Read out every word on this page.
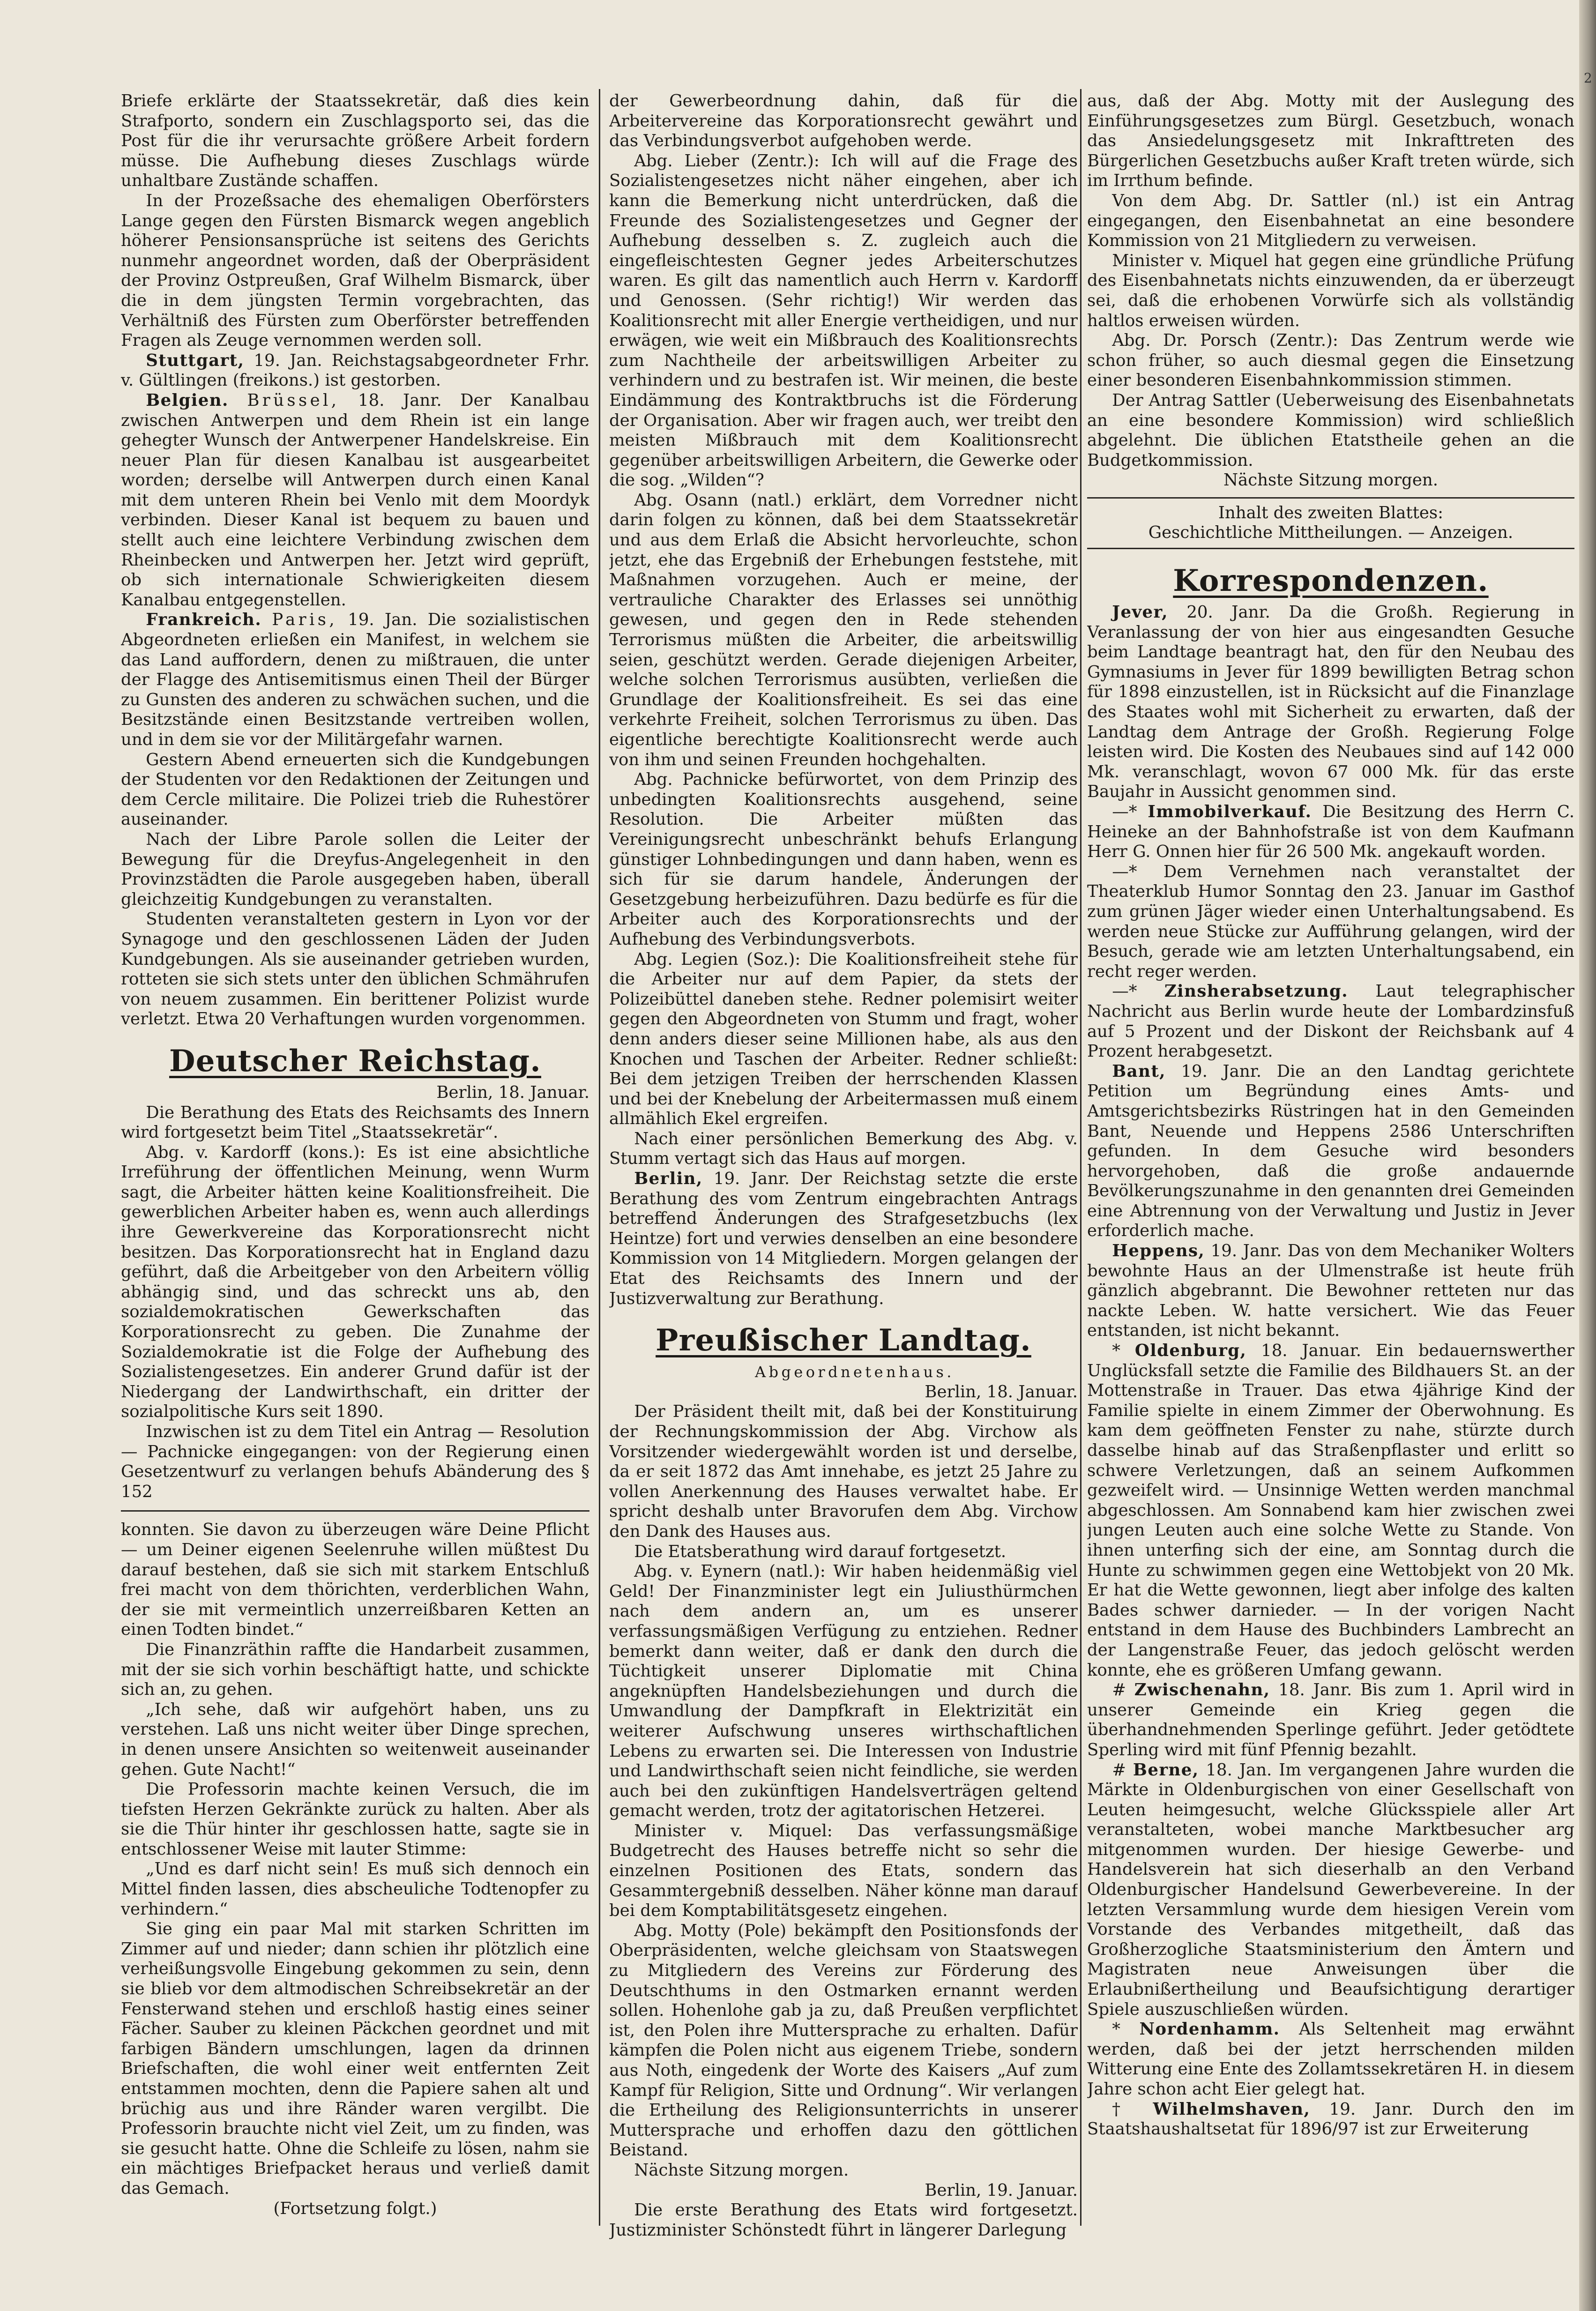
2

Briefe erklärte der Staatssekretär, daß dies kein Strafporto, sondern ein Zuschlagsporto sei, das die Post für die ihr verursachte größere Arbeit fordern müsse. Die Aufhebung dieses Zuschlags würde unhaltbare Zustände schaffen.

In der Prozeßsache des ehemaligen Oberförsters Lange gegen den Fürsten Bismarck wegen angeblich höherer Pensionsansprüche ist seitens des Gerichts nunmehr angeordnet worden, daß der Oberpräsident der Provinz Ostpreußen, Graf Wilhelm Bismarck, über die in dem jüngsten Termin vorgebrachten, das Verhältniß des Fürsten zum Oberförster betreffenden Fragen als Zeuge vernommen werden soll.

Stuttgart, 19. Jan. Reichstagsabgeordneter Frhr. v. Gültlingen (freikons.) ist gestorben.

Belgien. Brüssel, 18. Janr. Der Kanalbau zwischen Antwerpen und dem Rhein ist ein lange gehegter Wunsch der Antwerpener Handelskreise. Ein neuer Plan für diesen Kanalbau ist ausgearbeitet worden; derselbe will Antwerpen durch einen Kanal mit dem unteren Rhein bei Venlo mit dem Moordyk verbinden. Dieser Kanal ist bequem zu bauen und stellt auch eine leichtere Verbindung zwischen dem Rheinbecken und Antwerpen her. Jetzt wird geprüft, ob sich internationale Schwierigkeiten diesem Kanalbau entgegenstellen.

Frankreich. Paris, 19. Jan. Die sozialistischen Abgeordneten erließen ein Manifest, in welchem sie das Land auffordern, denen zu mißtrauen, die unter der Flagge des Antisemitismus einen Theil der Bürger zu Gunsten des anderen zu schwächen suchen, und die Besitzstände einen Besitzstande vertreiben wollen, und in dem sie vor der Militärgefahr warnen.

Gestern Abend erneuerten sich die Kundgebungen der Studenten vor den Redaktionen der Zeitungen und dem Cercle militaire. Die Polizei trieb die Ruhestörer auseinander.

Nach der Libre Parole sollen die Leiter der Bewegung für die Dreyfus-Angelegenheit in den Provinzstädten die Parole ausgegeben haben, überall gleichzeitig Kundgebungen zu veranstalten.

Studenten veranstalteten gestern in Lyon vor der Synagoge und den geschlossenen Läden der Juden Kundgebungen. Als sie auseinander getrieben wurden, rotteten sie sich stets unter den üblichen Schmährufen von neuem zusammen. Ein berittener Polizist wurde verletzt. Etwa 20 Verhaftungen wurden vorgenommen.

Deutscher Reichstag.

Berlin, 18. Januar.

Die Berathung des Etats des Reichsamts des Innern wird fortgesetzt beim Titel „Staatssekretär“.

Abg. v. Kardorff (kons.): Es ist eine absichtliche Irreführung der öffentlichen Meinung, wenn Wurm sagt, die Arbeiter hätten keine Koalitionsfreiheit. Die gewerblichen Arbeiter haben es, wenn auch allerdings ihre Gewerkvereine das Korporationsrecht nicht besitzen. Das Korporationsrecht hat in England dazu geführt, daß die Arbeitgeber von den Arbeitern völlig abhängig sind, und das schreckt uns ab, den sozialdemokratischen Gewerkschaften das Korporationsrecht zu geben. Die Zunahme der Sozialdemokratie ist die Folge der Aufhebung des Sozialistengesetzes. Ein anderer Grund dafür ist der Niedergang der Landwirthschaft, ein dritter der sozialpolitische Kurs seit 1890.

Inzwischen ist zu dem Titel ein Antrag — Resolution — Pachnicke eingegangen: von der Regierung einen Gesetzentwurf zu verlangen behufs Abänderung des § 152

konnten. Sie davon zu überzeugen wäre Deine Pflicht — um Deiner eigenen Seelenruhe willen müßtest Du darauf bestehen, daß sie sich mit starkem Entschluß frei macht von dem thörichten, verderblichen Wahn, der sie mit vermeintlich unzerreißbaren Ketten an einen Todten bindet.“

Die Finanzräthin raffte die Handarbeit zusammen, mit der sie sich vorhin beschäftigt hatte, und schickte sich an, zu gehen.

„Ich sehe, daß wir aufgehört haben, uns zu verstehen. Laß uns nicht weiter über Dinge sprechen, in denen unsere Ansichten so weitenweit auseinander gehen. Gute Nacht!“

Die Professorin machte keinen Versuch, die im tiefsten Herzen Gekränkte zurück zu halten. Aber als sie die Thür hinter ihr geschlossen hatte, sagte sie in entschlossener Weise mit lauter Stimme:

„Und es darf nicht sein! Es muß sich dennoch ein Mittel finden lassen, dies abscheuliche Todtenopfer zu verhindern.“

Sie ging ein paar Mal mit starken Schritten im Zimmer auf und nieder; dann schien ihr plötzlich eine verheißungsvolle Eingebung gekommen zu sein, denn sie blieb vor dem altmodischen Schreibsekretär an der Fensterwand stehen und erschloß hastig eines seiner Fächer. Sauber zu kleinen Päckchen geordnet und mit farbigen Bändern umschlungen, lagen da drinnen Briefschaften, die wohl einer weit entfernten Zeit entstammen mochten, denn die Papiere sahen alt und brüchig aus und ihre Ränder waren vergilbt. Die Professorin brauchte nicht viel Zeit, um zu finden, was sie gesucht hatte. Ohne die Schleife zu lösen, nahm sie ein mächtiges Briefpacket heraus und verließ damit das Gemach.

(Fortsetzung folgt.)

der Gewerbeordnung dahin, daß für die Arbeitervereine das Korporationsrecht gewährt und das Verbindungsverbot aufgehoben werde.

Abg. Lieber (Zentr.): Ich will auf die Frage des Sozialistengesetzes nicht näher eingehen, aber ich kann die Bemerkung nicht unterdrücken, daß die Freunde des Sozialistengesetzes und Gegner der Aufhebung desselben s. Z. zugleich auch die eingefleischtesten Gegner jedes Arbeiterschutzes waren. Es gilt das namentlich auch Herrn v. Kardorff und Genossen. (Sehr richtig!) Wir werden das Koalitionsrecht mit aller Energie vertheidigen, und nur erwägen, wie weit ein Mißbrauch des Koalitionsrechts zum Nachtheile der arbeitswilligen Arbeiter zu verhindern und zu bestrafen ist. Wir meinen, die beste Eindämmung des Kontraktbruchs ist die Förderung der Organisation. Aber wir fragen auch, wer treibt den meisten Mißbrauch mit dem Koalitionsrecht gegenüber arbeitswilligen Arbeitern, die Gewerke oder die sog. „Wilden“?

Abg. Osann (natl.) erklärt, dem Vorredner nicht darin folgen zu können, daß bei dem Staatssekretär und aus dem Erlaß die Absicht hervorleuchte, schon jetzt, ehe das Ergebniß der Erhebungen feststehe, mit Maßnahmen vorzugehen. Auch er meine, der vertrauliche Charakter des Erlasses sei unnöthig gewesen, und gegen den in Rede stehenden Terrorismus müßten die Arbeiter, die arbeitswillig seien, geschützt werden. Gerade diejenigen Arbeiter, welche solchen Terrorismus ausübten, verließen die Grundlage der Koalitionsfreiheit. Es sei das eine verkehrte Freiheit, solchen Terrorismus zu üben. Das eigentliche berechtigte Koalitionsrecht werde auch von ihm und seinen Freunden hochgehalten.

Abg. Pachnicke befürwortet, von dem Prinzip des unbedingten Koalitionsrechts ausgehend, seine Resolution. Die Arbeiter müßten das Vereinigungsrecht unbeschränkt behufs Erlangung günstiger Lohnbedingungen und dann haben, wenn es sich für sie darum handele, Änderungen der Gesetzgebung herbeizuführen. Dazu bedürfe es für die Arbeiter auch des Korporationsrechts und der Aufhebung des Verbindungsverbots.

Abg. Legien (Soz.): Die Koalitionsfreiheit stehe für die Arbeiter nur auf dem Papier, da stets der Polizeibüttel daneben stehe. Redner polemisirt weiter gegen den Abgeordneten von Stumm und fragt, woher denn anders dieser seine Millionen habe, als aus den Knochen und Taschen der Arbeiter. Redner schließt: Bei dem jetzigen Treiben der herrschenden Klassen und bei der Knebelung der Arbeitermassen muß einem allmählich Ekel ergreifen.

Nach einer persönlichen Bemerkung des Abg. v. Stumm vertagt sich das Haus auf morgen.

Berlin, 19. Janr. Der Reichstag setzte die erste Berathung des vom Zentrum eingebrachten Antrags betreffend Änderungen des Strafgesetzbuchs (lex Heintze) fort und verwies denselben an eine besondere Kommission von 14 Mitgliedern. Morgen gelangen der Etat des Reichsamts des Innern und der Justizverwaltung zur Berathung.

Preußischer Landtag.

Abgeordnetenhaus.

Berlin, 18. Januar.

Der Präsident theilt mit, daß bei der Konstituirung der Rechnungskommission der Abg. Virchow als Vorsitzender wiedergewählt worden ist und derselbe, da er seit 1872 das Amt innehabe, es jetzt 25 Jahre zu vollen Anerkennung des Hauses verwaltet habe. Er spricht deshalb unter Bravorufen dem Abg. Virchow den Dank des Hauses aus.

Die Etatsberathung wird darauf fortgesetzt.

Abg. v. Eynern (natl.): Wir haben heidenmäßig viel Geld! Der Finanzminister legt ein Juliusthürmchen nach dem andern an, um es unserer verfassungsmäßigen Verfügung zu entziehen. Redner bemerkt dann weiter, daß er dank den durch die Tüchtigkeit unserer Diplomatie mit China angeknüpften Handelsbeziehungen und durch die Umwandlung der Dampfkraft in Elektrizität ein weiterer Aufschwung unseres wirthschaftlichen Lebens zu erwarten sei. Die Interessen von Industrie und Landwirthschaft seien nicht feindliche, sie werden auch bei den zukünftigen Handelsverträgen geltend gemacht werden, trotz der agitatorischen Hetzerei.

Minister v. Miquel: Das verfassungsmäßige Budgetrecht des Hauses betreffe nicht so sehr die einzelnen Positionen des Etats, sondern das Gesammtergebniß desselben. Näher könne man darauf bei dem Komptabilitätsgesetz eingehen.

Abg. Motty (Pole) bekämpft den Positionsfonds der Oberpräsidenten, welche gleichsam von Staatswegen zu Mitgliedern des Vereins zur Förderung des Deutschthums in den Ostmarken ernannt werden sollen. Hohenlohe gab ja zu, daß Preußen verpflichtet ist, den Polen ihre Muttersprache zu erhalten. Dafür kämpfen die Polen nicht aus eigenem Triebe, sondern aus Noth, eingedenk der Worte des Kaisers „Auf zum Kampf für Religion, Sitte und Ordnung“. Wir verlangen die Ertheilung des Religionsunterrichts in unserer Muttersprache und erhoffen dazu den göttlichen Beistand.

Nächste Sitzung morgen.

Berlin, 19. Januar.

Die erste Berathung des Etats wird fortgesetzt. Justizminister Schönstedt führt in längerer Darlegung

aus, daß der Abg. Motty mit der Auslegung des Einführungsgesetzes zum Bürgl. Gesetzbuch, wonach das Ansiedelungsgesetz mit Inkrafttreten des Bürgerlichen Gesetzbuchs außer Kraft treten würde, sich im Irrthum befinde.

Von dem Abg. Dr. Sattler (nl.) ist ein Antrag eingegangen, den Eisenbahnetat an eine besondere Kommission von 21 Mitgliedern zu verweisen.

Minister v. Miquel hat gegen eine gründliche Prüfung des Eisenbahnetats nichts einzuwenden, da er überzeugt sei, daß die erhobenen Vorwürfe sich als vollständig haltlos erweisen würden.

Abg. Dr. Porsch (Zentr.): Das Zentrum werde wie schon früher, so auch diesmal gegen die Einsetzung einer besonderen Eisenbahnkommission stimmen.

Der Antrag Sattler (Ueberweisung des Eisenbahnetats an eine besondere Kommission) wird schließlich abgelehnt. Die üblichen Etatstheile gehen an die Budgetkommission.

Nächste Sitzung morgen.

Inhalt des zweiten Blattes:

Geschichtliche Mittheilungen. — Anzeigen.

Korrespondenzen.

Jever, 20. Janr. Da die Großh. Regierung in Veranlassung der von hier aus eingesandten Gesuche beim Landtage beantragt hat, den für den Neubau des Gymnasiums in Jever für 1899 bewilligten Betrag schon für 1898 einzustellen, ist in Rücksicht auf die Finanzlage des Staates wohl mit Sicherheit zu erwarten, daß der Landtag dem Antrage der Großh. Regierung Folge leisten wird. Die Kosten des Neubaues sind auf 142 000 Mk. veranschlagt, wovon 67 000 Mk. für das erste Baujahr in Aussicht genommen sind.

—* Immobilverkauf. Die Besitzung des Herrn C. Heineke an der Bahnhofstraße ist von dem Kaufmann Herr G. Onnen hier für 26 500 Mk. angekauft worden.

—* Dem Vernehmen nach veranstaltet der Theaterklub Humor Sonntag den 23. Januar im Gasthof zum grünen Jäger wieder einen Unterhaltungsabend. Es werden neue Stücke zur Aufführung gelangen, wird der Besuch, gerade wie am letzten Unterhaltungsabend, ein recht reger werden.

—* Zinsherabsetzung. Laut telegraphischer Nachricht aus Berlin wurde heute der Lombardzinsfuß auf 5 Prozent und der Diskont der Reichsbank auf 4 Prozent herabgesetzt.

Bant, 19. Janr. Die an den Landtag gerichtete Petition um Begründung eines Amts- und Amtsgerichtsbezirks Rüstringen hat in den Gemeinden Bant, Neuende und Heppens 2586 Unterschriften gefunden. In dem Gesuche wird besonders hervorgehoben, daß die große andauernde Bevölkerungszunahme in den genannten drei Gemeinden eine Abtrennung von der Verwaltung und Justiz in Jever erforderlich mache.

Heppens, 19. Janr. Das von dem Mechaniker Wolters bewohnte Haus an der Ulmenstraße ist heute früh gänzlich abgebrannt. Die Bewohner retteten nur das nackte Leben. W. hatte versichert. Wie das Feuer entstanden, ist nicht bekannt.

* Oldenburg, 18. Januar. Ein bedauernswerther Unglücksfall setzte die Familie des Bildhauers St. an der Mottenstraße in Trauer. Das etwa 4jährige Kind der Familie spielte in einem Zimmer der Oberwohnung. Es kam dem geöffneten Fenster zu nahe, stürzte durch dasselbe hinab auf das Straßenpflaster und erlitt so schwere Verletzungen, daß an seinem Aufkommen gezweifelt wird. — Unsinnige Wetten werden manchmal abgeschlossen. Am Sonnabend kam hier zwischen zwei jungen Leuten auch eine solche Wette zu Stande. Von ihnen unterfing sich der eine, am Sonntag durch die Hunte zu schwimmen gegen eine Wettobjekt von 20 Mk. Er hat die Wette gewonnen, liegt aber infolge des kalten Bades schwer darnieder. — In der vorigen Nacht entstand in dem Hause des Buchbinders Lambrecht an der Langenstraße Feuer, das jedoch gelöscht werden konnte, ehe es größeren Umfang gewann.

# Zwischenahn, 18. Janr. Bis zum 1. April wird in unserer Gemeinde ein Krieg gegen die überhandnehmenden Sperlinge geführt. Jeder getödtete Sperling wird mit fünf Pfennig bezahlt.

# Berne, 18. Jan. Im vergangenen Jahre wurden die Märkte in Oldenburgischen von einer Gesellschaft von Leuten heimgesucht, welche Glücksspiele aller Art veranstalteten, wobei manche Marktbesucher arg mitgenommen wurden. Der hiesige Gewerbe- und Handelsverein hat sich dieserhalb an den Verband Oldenburgischer Handelsund Gewerbevereine. In der letzten Versammlung wurde dem hiesigen Verein vom Vorstande des Verbandes mitgetheilt, daß das Großherzogliche Staatsministerium den Ämtern und Magistraten neue Anweisungen über die Erlaubnißertheilung und Beaufsichtigung derartiger Spiele auszuschließen würden.

* Nordenhamm. Als Seltenheit mag erwähnt werden, daß bei der jetzt herrschenden milden Witterung eine Ente des Zollamtssekretären H. in diesem Jahre schon acht Eier gelegt hat.

† Wilhelmshaven, 19. Janr. Durch den im Staatshaushaltsetat für 1896/97 ist zur Erweiterung
